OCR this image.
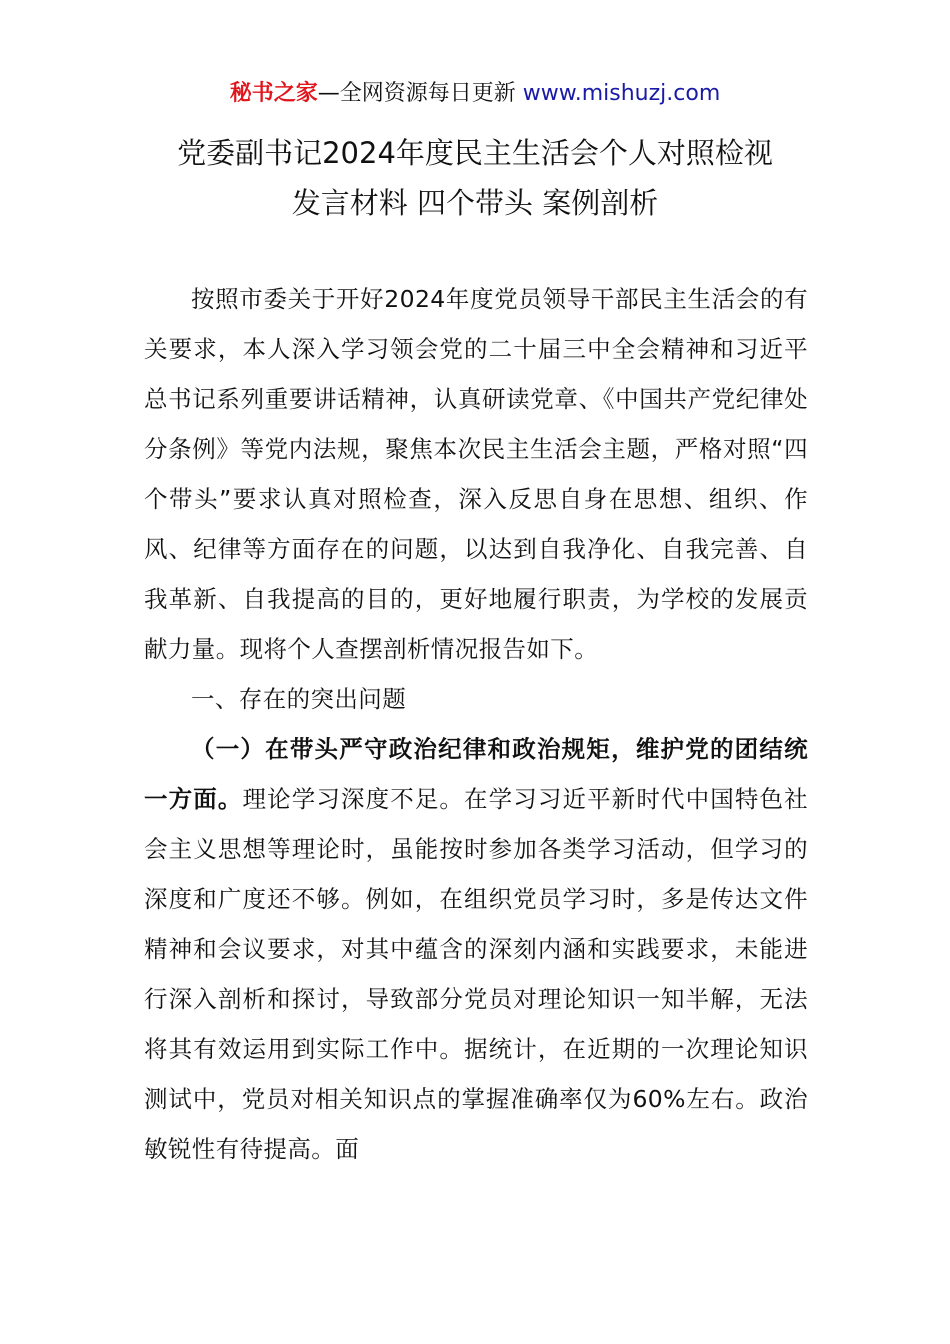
秘书之家—全网资源每日更新 www.mishuzj.com
党委副书记2024年度民主生活会个人对照检视
发言材料 四个带头 案例剖析

按照市委关于开好2024年度党员领导干部民主生活会的有关要求，本人深入学习领会党的二十届三中全会精神和习近平总书记系列重要讲话精神，认真研读党章、《中国共产党纪律处分条例》等党内法规，聚焦本次民主生活会主题，严格对照“四个带头”要求认真对照检查，深入反思自身在思想、组织、作风、纪律等方面存在的问题，以达到自我净化、自我完善、自我革新、自我提高的目的，更好地履行职责，为学校的发展贡献力量。现将个人查摆剖析情况报告如下。

一、存在的突出问题

（一）在带头严守政治纪律和政治规矩，维护党的团结统一方面。理论学习深度不足。在学习习近平新时代中国特色社会主义思想等理论时，虽能按时参加各类学习活动，但学习的深度和广度还不够。例如，在组织党员学习时，多是传达文件精神和会议要求，对其中蕴含的深刻内涵和实践要求，未能进行深入剖析和探讨，导致部分党员对理论知识一知半解，无法将其有效运用到实际工作中。据统计，在近期的一次理论知识测试中，党员对相关知识点的掌握准确率仅为60%左右。政治敏锐性有待提高。面
